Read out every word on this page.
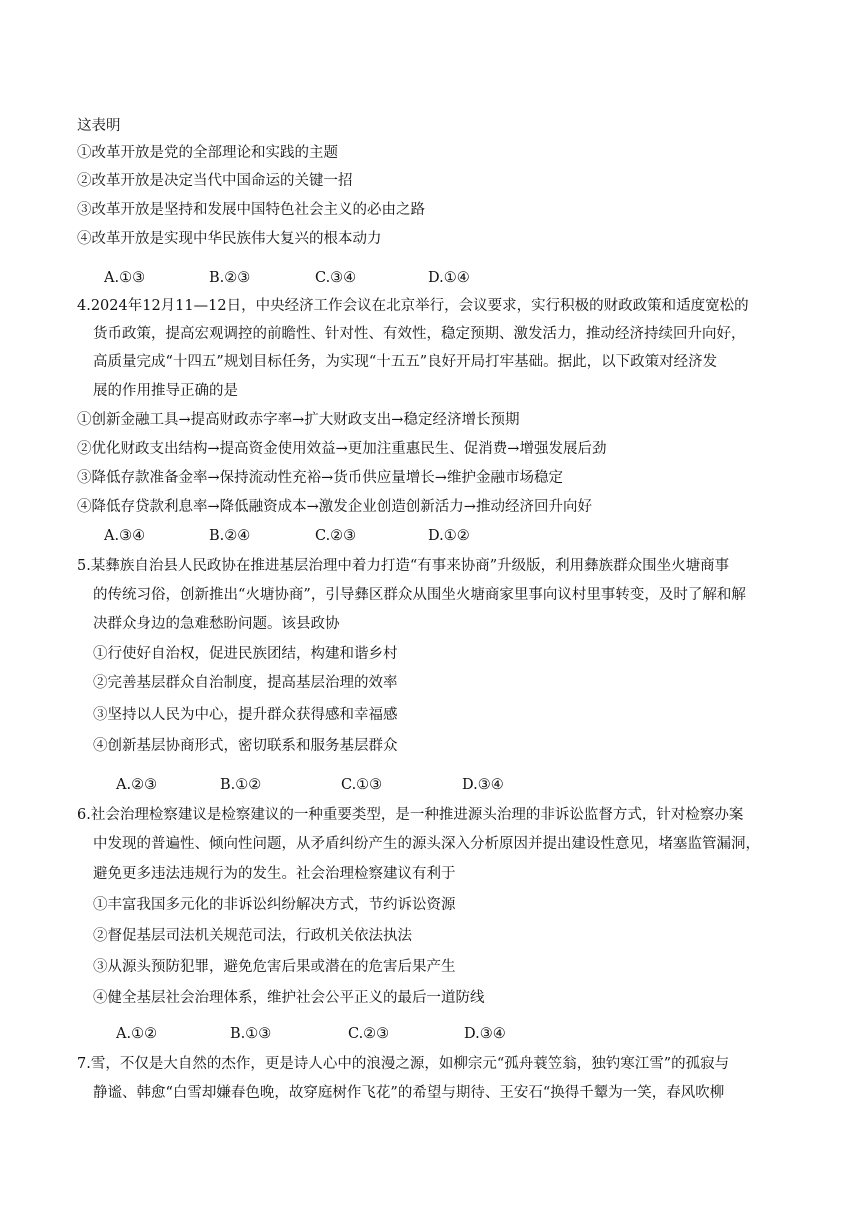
这表明
①改革开放是党的全部理论和实践的主题
②改革开放是决定当代中国命运的关键一招
③改革开放是坚持和发展中国特色社会主义的必由之路
④改革开放是实现中华民族伟大复兴的根本动力
A.①③	B.②③	C.③④	D.①④
4.2024年12月11—12日，中央经济工作会议在北京举行，会议要求，实行积极的财政政策和适度宽松的
货币政策，提高宏观调控的前瞻性、针对性、有效性，稳定预期、激发活力，推动经济持续回升向好，
高质量完成“十四五”规划目标任务，为实现“十五五”良好开局打牢基础。据此，以下政策对经济发
展的作用推导正确的是
①创新金融工具→提高财政赤字率→扩大财政支出→稳定经济增长预期
②优化财政支出结构→提高资金使用效益→更加注重惠民生、促消费→增强发展后劲
③降低存款准备金率→保持流动性充裕→货币供应量增长→维护金融市场稳定
④降低存贷款利息率→降低融资成本→激发企业创造创新活力→推动经济回升向好
A.③④	B.②④	C.②③	D.①②
5.某彝族自治县人民政协在推进基层治理中着力打造“有事来协商”升级版，利用彝族群众围坐火塘商事
的传统习俗，创新推出“火塘协商”，引导彝区群众从围坐火塘商家里事向议村里事转变，及时了解和解
决群众身边的急难愁盼问题。该县政协
①行使好自治权，促进民族团结，构建和谐乡村
②完善基层群众自治制度，提高基层治理的效率
③坚持以人民为中心，提升群众获得感和幸福感
④创新基层协商形式，密切联系和服务基层群众
A.②③	B.①②	C.①③	D.③④
6.社会治理检察建议是检察建议的一种重要类型，是一种推进源头治理的非诉讼监督方式，针对检察办案
中发现的普遍性、倾向性问题，从矛盾纠纷产生的源头深入分析原因并提出建设性意见，堵塞监管漏洞，
避免更多违法违规行为的发生。社会治理检察建议有利于
①丰富我国多元化的非诉讼纠纷解决方式，节约诉讼资源
②督促基层司法机关规范司法，行政机关依法执法
③从源头预防犯罪，避免危害后果或潜在的危害后果产生
④健全基层社会治理体系，维护社会公平正义的最后一道防线
A.①②	B.①③	C.②③	D.③④
7.雪，不仅是大自然的杰作，更是诗人心中的浪漫之源，如柳宗元“孤舟蓑笠翁，独钓寒江雪”的孤寂与
静谧、韩愈“白雪却嫌春色晚，故穿庭树作飞花”的希望与期待、王安石“换得千颦为一笑，春风吹柳
